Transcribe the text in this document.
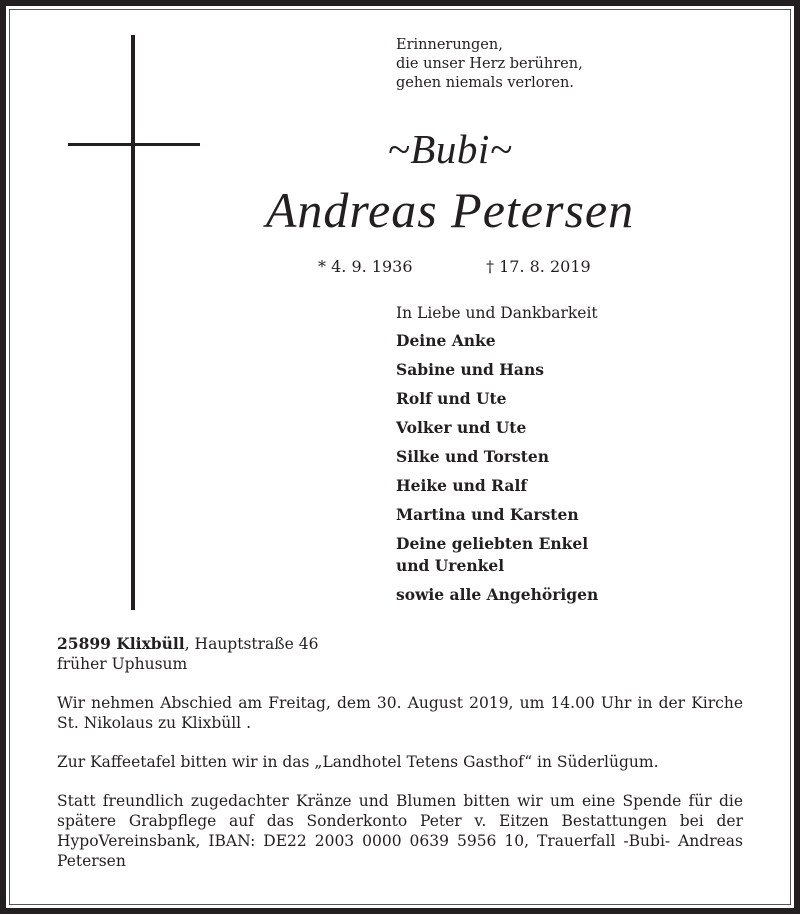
Erinnerungen,
die unser Herz berühren,
gehen niemals verloren.
~Bubi~
Andreas Petersen
* 4. 9. 1936	† 17. 8. 2019
In Liebe und Dankbarkeit
Deine Anke
Sabine und Hans
Rolf und Ute
Volker und Ute
Silke und Torsten
Heike und Ralf
Martina und Karsten
Deine geliebten Enkel
und Urenkel
sowie alle Angehörigen
25899 Klixbüll, Hauptstraße 46
früher Uphusum
Wir nehmen Abschied am Freitag, dem 30. August 2019, um 14.00 Uhr in der Kirche St. Nikolaus zu Klixbüll .
Zur Kaffeetafel bitten wir in das „Landhotel Tetens Gasthof“ in Süderlügum.
Statt freundlich zugedachter Kränze und Blumen bitten wir um eine Spende für die spätere Grabpflege auf das Sonderkonto Peter v. Eitzen Bestattungen bei der HypoVereinsbank, IBAN: DE22 2003 0000 0639 5956 10, Trauerfall -Bubi- Andreas Petersen
